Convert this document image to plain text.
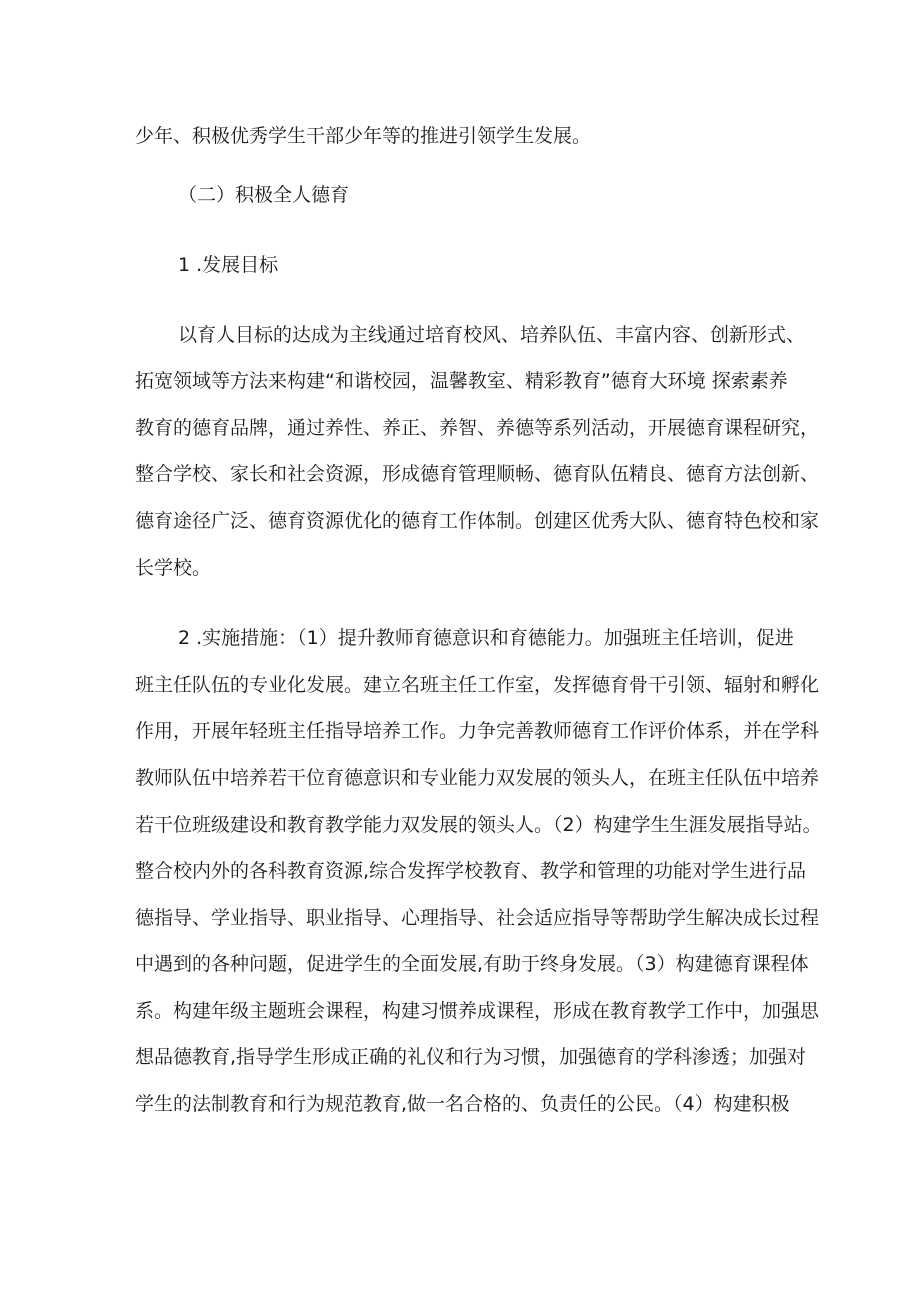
少年、积极优秀学生干部少年等的推进引领学生发展。
（二）积极全人德育
1 .发展目标
以育人目标的达成为主线通过培育校风、培养队伍、丰富内容、创新形式、
拓宽领域等方法来构建“和谐校园，温馨教室、精彩教育”德育大环境 探索素养
教育的德育品牌，通过养性、养正、养智、养德等系列活动，开展德育课程研究，
整合学校、家长和社会资源，形成德育管理顺畅、德育队伍精良、德育方法创新、
德育途径广泛、德育资源优化的德育工作体制。创建区优秀大队、德育特色校和家
长学校。
2 .实施措施：（1）提升教师育德意识和育德能力。加强班主任培训，促进
班主任队伍的专业化发展。建立名班主任工作室，发挥德育骨干引领、辐射和孵化
作用，开展年轻班主任指导培养工作。力争完善教师德育工作评价体系，并在学科
教师队伍中培养若干位育德意识和专业能力双发展的领头人，在班主任队伍中培养
若干位班级建设和教育教学能力双发展的领头人。（2）构建学生生涯发展指导站。
整合校内外的各科教育资源,综合发挥学校教育、教学和管理的功能对学生进行品
德指导、学业指导、职业指导、心理指导、社会适应指导等帮助学生解决成长过程
中遇到的各种问题，促进学生的全面发展,有助于终身发展。（3）构建德育课程体
系。构建年级主题班会课程，构建习惯养成课程，形成在教育教学工作中，加强思
想品德教育,指导学生形成正确的礼仪和行为习惯，加强德育的学科渗透；加强对
学生的法制教育和行为规范教育,做一名合格的、负责任的公民。（4）构建积极
